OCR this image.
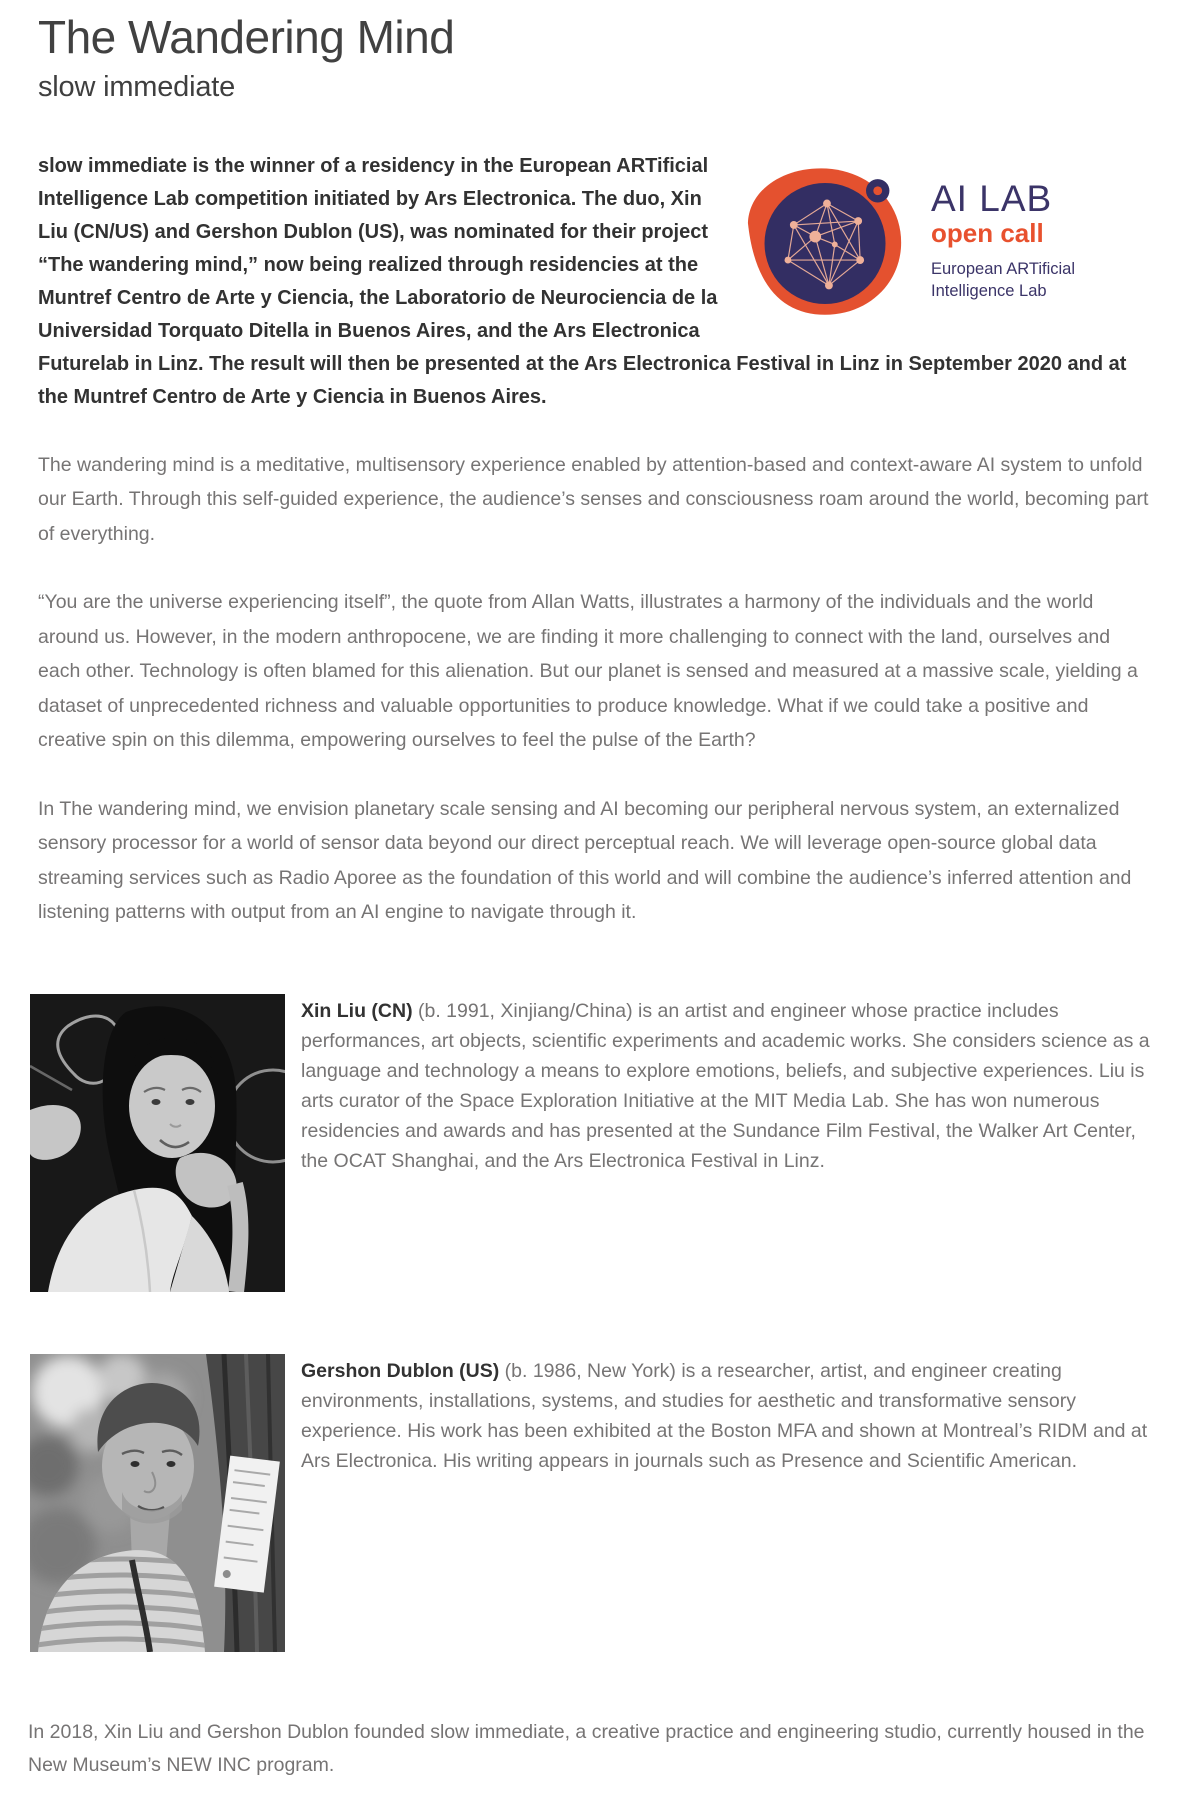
The Wandering Mind
slow immediate
AI LAB
open call
European ARTificial
Intelligence Lab

slow immediate is the winner of a residency in the European ARTificial Intelligence Lab competition initiated by Ars Electronica. The duo, Xin Liu (CN/US) and Gershon Dublon (US), was nominated for their project “The wandering mind,” now being realized through residencies at the Muntref Centro de Arte y Ciencia, the Laboratorio de Neurociencia de la Universidad Torquato Ditella in Buenos Aires, and the Ars Electronica Futurelab in Linz. The result will then be presented at the Ars Electronica Festival in Linz in September 2020 and at the Muntref Centro de Arte y Ciencia in Buenos Aires.

The wandering mind is a meditative, multisensory experience enabled by attention-based and context-aware AI system to unfold our Earth. Through this self-guided experience, the audience’s senses and consciousness roam around the world, becoming part of everything.

“You are the universe experiencing itself”, the quote from Allan Watts, illustrates a harmony of the individuals and the world around us. However, in the modern anthropocene, we are finding it more challenging to connect with the land, ourselves and each other. Technology is often blamed for this alienation. But our planet is sensed and measured at a massive scale, yielding a dataset of unprecedented richness and valuable opportunities to produce knowledge. What if we could take a positive and creative spin on this dilemma, empowering ourselves to feel the pulse of the Earth?

In The wandering mind, we envision planetary scale sensing and AI becoming our peripheral nervous system, an externalized sensory processor for a world of sensor data beyond our direct perceptual reach. We will leverage open-source global data streaming services such as Radio Aporee as the foundation of this world and will combine the audience’s inferred attention and listening patterns with output from an AI engine to navigate through it.

Xin Liu (CN) (b. 1991, Xinjiang/China) is an artist and engineer whose practice includes performances, art objects, scientific experiments and academic works. She considers science as a language and technology a means to explore emotions, beliefs, and subjective experiences. Liu is arts curator of the Space Exploration Initiative at the MIT Media Lab. She has won numerous residencies and awards and has presented at the Sundance Film Festival, the Walker Art Center, the OCAT Shanghai, and the Ars Electronica Festival in Linz.

Gershon Dublon (US) (b. 1986, New York) is a researcher, artist, and engineer creating environments, installations, systems, and studies for aesthetic and transformative sensory experience. His work has been exhibited at the Boston MFA and shown at Montreal’s RIDM and at Ars Electronica. His writing appears in journals such as Presence and Scientific American.

In 2018, Xin Liu and Gershon Dublon founded slow immediate, a creative practice and engineering studio, currently housed in the New Museum’s NEW INC program.
